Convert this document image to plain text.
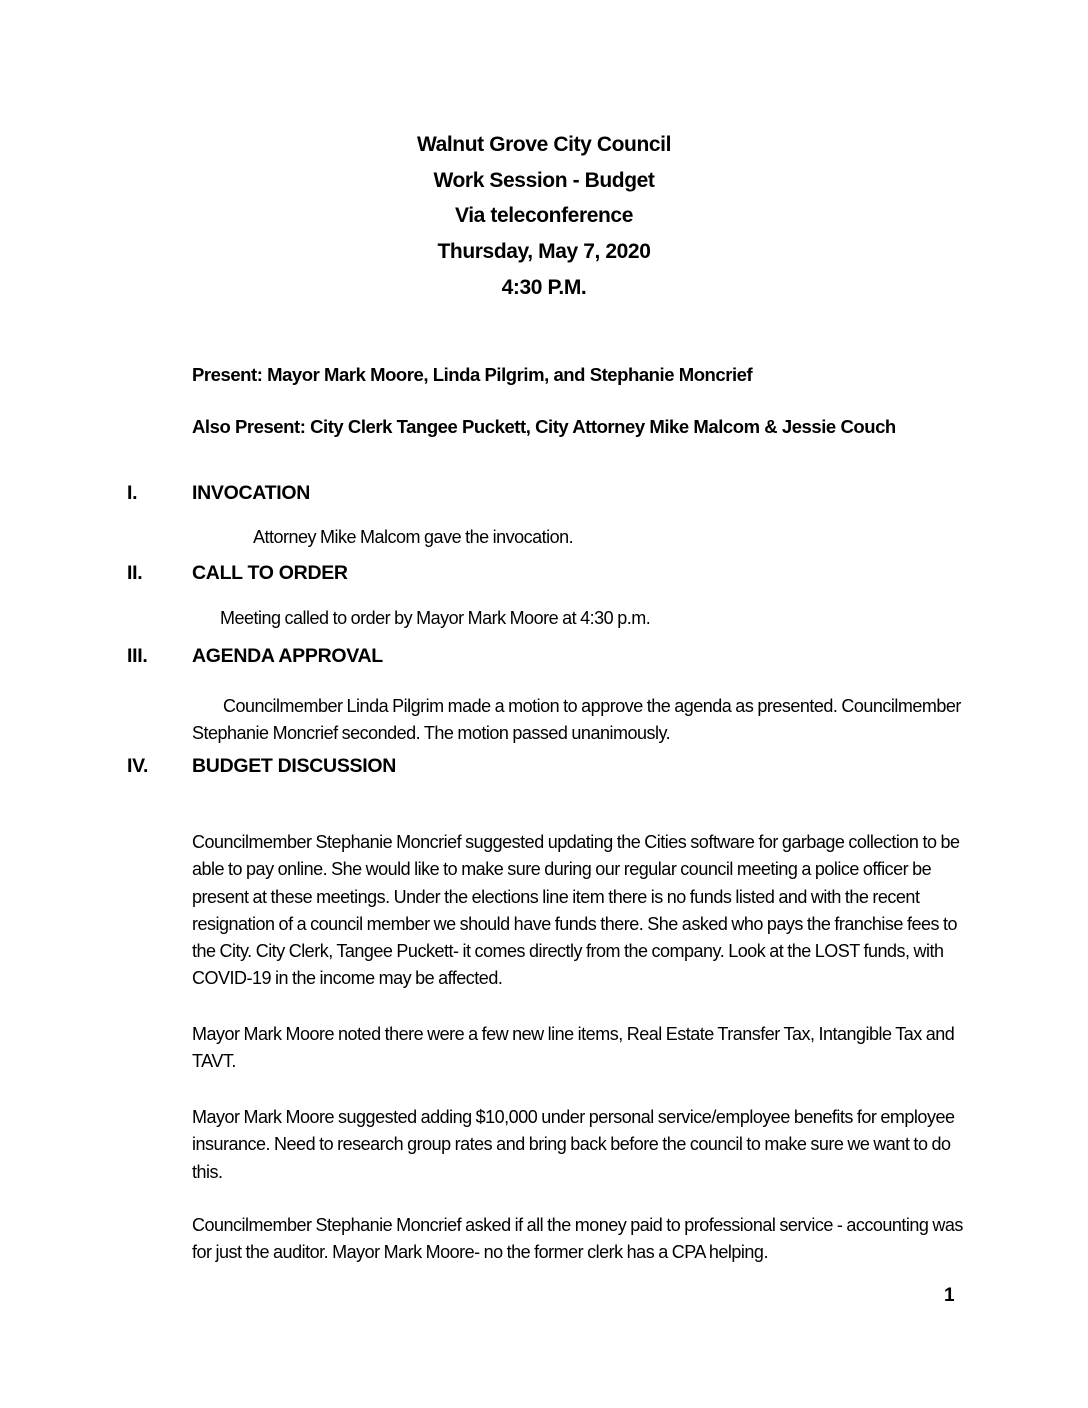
Walnut Grove City Council
Work Session - Budget
Via teleconference
Thursday, May 7, 2020
4:30 P.M.

Present: Mayor Mark Moore, Linda Pilgrim, and Stephanie Moncrief

Also Present: City Clerk Tangee Puckett, City Attorney Mike Malcom & Jessie Couch

I.	INVOCATION

Attorney Mike Malcom gave the invocation.

II.	CALL TO ORDER

Meeting called to order by Mayor Mark Moore at 4:30 p.m.

III. AGENDA APPROVAL

Councilmember Linda Pilgrim made a motion to approve the agenda as presented. Councilmember Stephanie Moncrief seconded. The motion passed unanimously.

IV. BUDGET DISCUSSION

Councilmember Stephanie Moncrief suggested updating the Cities software for garbage collection to be able to pay online. She would like to make sure during our regular council meeting a police officer be present at these meetings. Under the elections line item there is no funds listed and with the recent resignation of a council member we should have funds there. She asked who pays the franchise fees to the City. City Clerk, Tangee Puckett- it comes directly from the company. Look at the LOST funds, with COVID-19 in the income may be affected.

Mayor Mark Moore noted there were a few new line items, Real Estate Transfer Tax, Intangible Tax and TAVT.

Mayor Mark Moore suggested adding $10,000 under personal service/employee benefits for employee insurance. Need to research group rates and bring back before the council to make sure we want to do this.

Councilmember Stephanie Moncrief asked if all the money paid to professional service - accounting was for just the auditor. Mayor Mark Moore- no the former clerk has a CPA helping.

1
